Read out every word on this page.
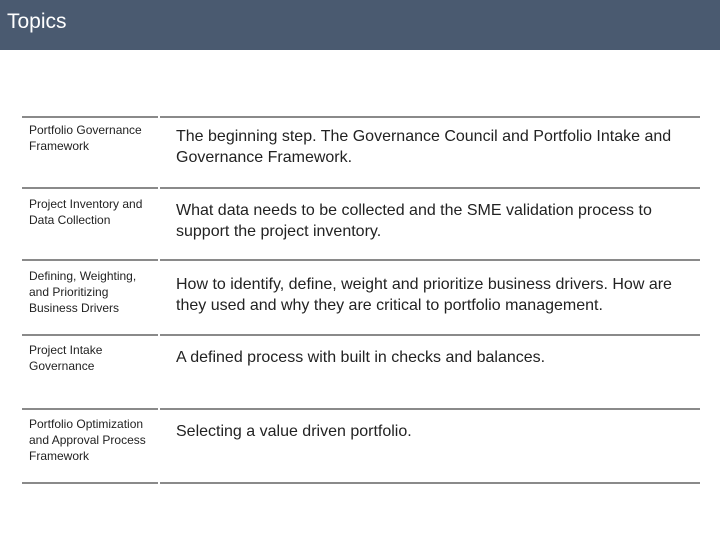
Topics
Portfolio Governance Framework
The beginning step. The Governance Council and Portfolio Intake and Governance Framework.
Project Inventory and Data Collection
What data needs to be collected and the SME validation process to support the project inventory.
Defining, Weighting, and Prioritizing Business Drivers
How to identify, define, weight and prioritize business drivers. How are they used and why they are critical to portfolio management.
Project Intake Governance	A defined process with built in checks and balances.
Portfolio Optimization and Approval Process Framework
Selecting a value driven portfolio.
